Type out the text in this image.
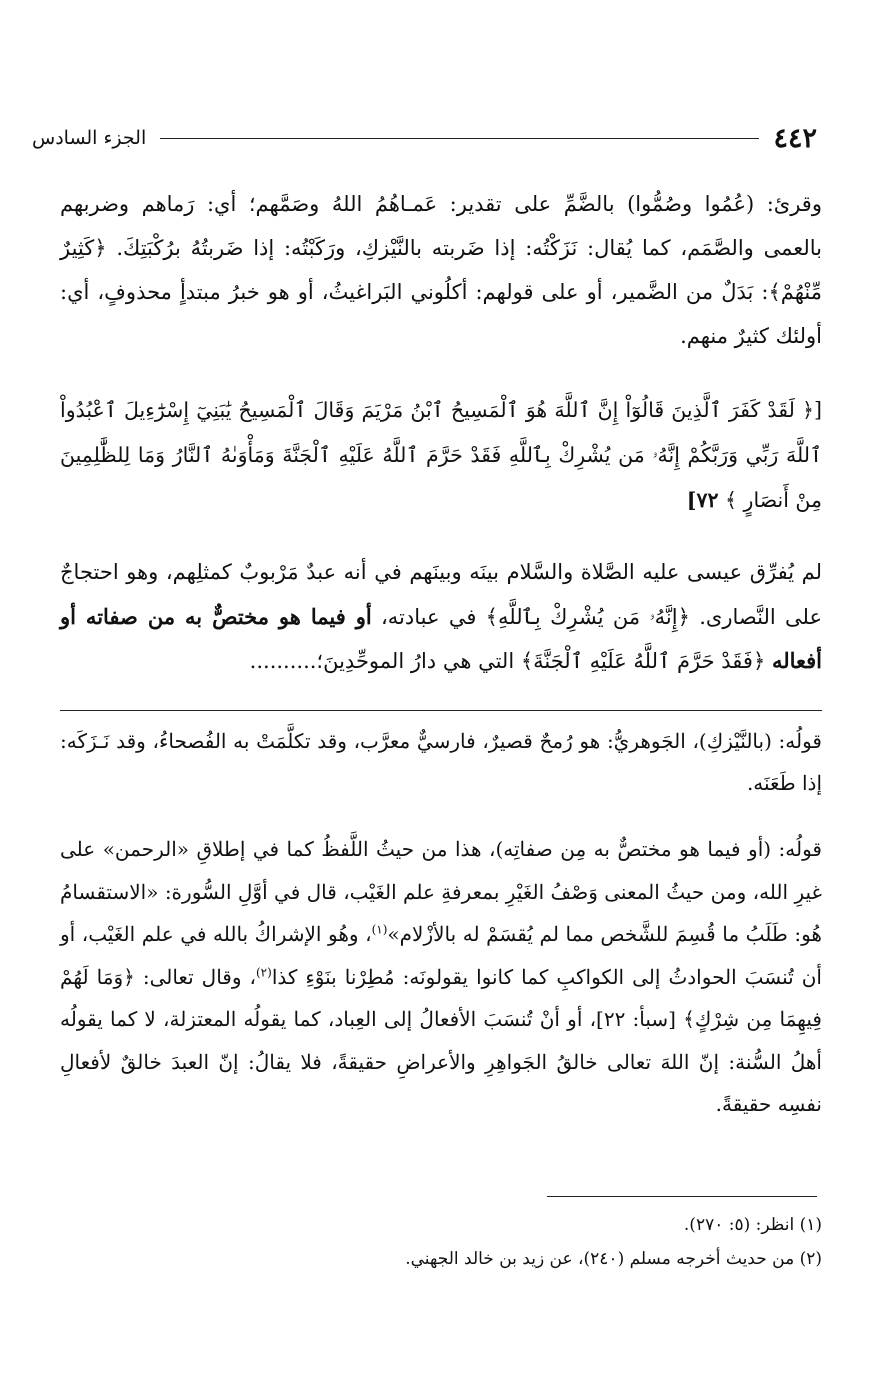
٤٤٢
الجزء السادس

وقرئ: (عُمُوا وصُمُّوا) بالضَّمِّ على تقدير: عَمـاهُمُ اللهُ وصَمَّهم؛ أي: رَماهم وضربهم بالعمى والصَّمَم، كما يُقال: نَزَكْتُه: إذا ضَربته بالنَّيْزكِ، ورَكَبْتُه: إذا ضَربتُهُ برُكْبَتِكَ. ﴿كَثِيرٌ مِّنْهُمْ﴾: بَدَلٌ من الضَّمير، أو على قولهم: أكلُوني البَراغيثُ، أو هو خبرُ مبتدأٍ محذوفٍ، أي: أولئك كثيرٌ منهم.

[﴿ لَقَدْ كَفَرَ ٱلَّذِينَ قَالُوٓاْ إِنَّ ٱللَّهَ هُوَ ٱلْمَسِيحُ ٱبْنُ مَرْيَمَ وَقَالَ ٱلْمَسِيحُ يَٰبَنِيٓ إِسْرَٰٓءِيلَ ٱعْبُدُواْ ٱللَّهَ رَبِّي وَرَبَّكُمْ إِنَّهُۥ مَن يُشْرِكْ بِٱللَّهِ فَقَدْ حَرَّمَ ٱللَّهُ عَلَيْهِ ٱلْجَنَّةَ وَمَأْوَىٰهُ ٱلنَّارُ وَمَا لِلظَّٰلِمِينَ مِنْ أَنصَارٍ ﴾ ٧٢]

لم يُفرِّق عيسى عليه الصَّلاة والسَّلام بينَه وبينَهم في أنه عبدٌ مَرْبوبٌ كمثلِهم، وهو احتجاجٌ على النَّصارى. ﴿إِنَّهُۥ مَن يُشْرِكْ بِٱللَّهِ﴾ في عبادته، أو فيما هو مختصٌّ به من صفاته أو أفعاله ﴿فَقَدْ حَرَّمَ ٱللَّهُ عَلَيْهِ ٱلْجَنَّةَ﴾ التي هي دارُ الموحِّدِينَ؛..........

قولُه: (بالنَّيْزكِ)، الجَوهريُّ: هو رُمحٌ قصيرٌ، فارسيٌّ معرَّب، وقد تكلَّمَتْ به الفُصحاءُ، وقد نَـزَكَه: إذا طَعَنَه.

قولُه: (أو فيما هو مختصٌّ به مِن صفاتِه)، هذا من حيثُ اللَّفظُ كما في إطلاقِ «الرحمن» على غيرِ الله، ومن حيثُ المعنى وَصْفُ الغَيْرِ بمعرفةِ علم الغَيْب، قال في أوَّلِ السُّورة: «الاستقسامُ هُو: طَلَبُ ما قُسِمَ للشَّخص مما لم يُقسَمْ له بالأزْلام»$^{(١)}$، وهُو الإشراكُ بالله في علم الغَيْب، أو أن تُنسَبَ الحوادثُ إلى الكواكبِ كما كانوا يقولونَه: مُطِرْنا بنَوْءِ كذا$^{(٢)}$، وقال تعالى: ﴿وَمَا لَهُمْ فِيهِمَا مِن شِرْكٍ﴾ [سبأ: ٢٢]، أو أنْ تُنسَبَ الأفعالُ إلى العِباد، كما يقولُه المعتزلة، لا كما يقولُه أهلُ السُّنة: إنّ اللهَ تعالى خالقُ الجَواهِرِ والأعراضِ حقيقةً، فلا يقالُ: إنّ العبدَ خالقٌ لأفعالِ نفسِه حقيقةً.

(١) انظر: (٥: ٢٧٠).

(٢) من حديث أخرجه مسلم (٢٤٠)، عن زيد بن خالد الجهني.
